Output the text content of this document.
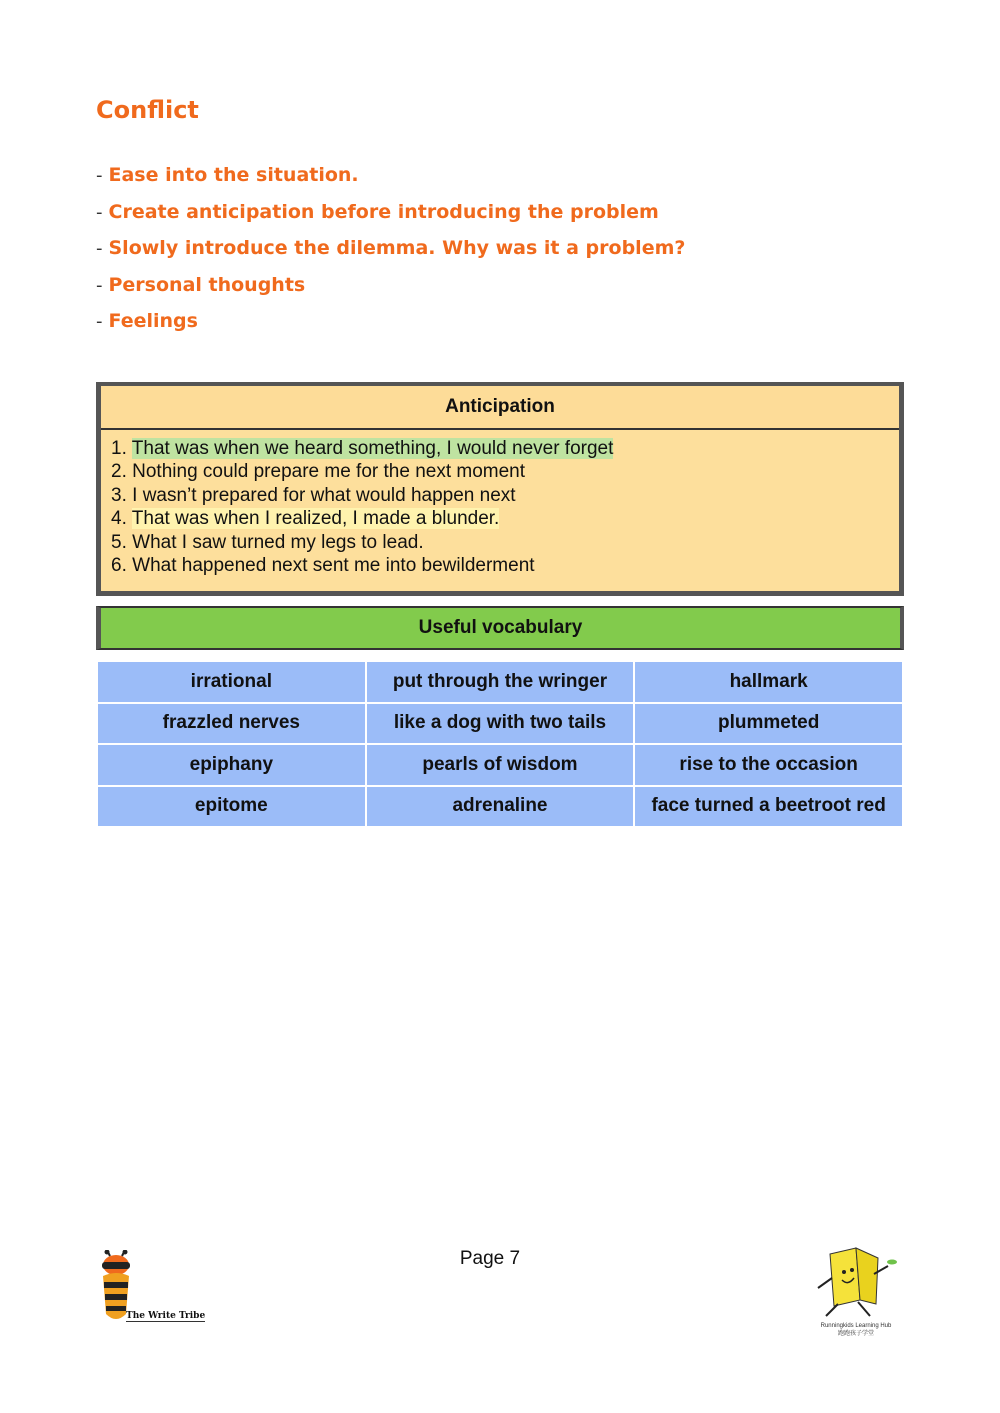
Conflict
- Ease into the situation.
- Create anticipation before introducing the problem
- Slowly introduce the dilemma. Why was it a problem?
- Personal thoughts
- Feelings
Anticipation
1. That was when we heard something, I would never forget
2. Nothing could prepare me for the next moment
3. I wasn’t prepared for what would happen next
4. That was when I realized, I made a blunder.
5. What I saw turned my legs to lead.
6. What happened next sent me into bewilderment
Useful vocabulary
irrational	put through the wringer	hallmark
frazzled nerves	like a dog with two tails	plummeted
epiphany	pearls of wisdom	rise to the occasion
epitome	adrenaline	face turned a beetroot red
Page 7
The Write Tribe
Runningkids Learning Hub
跑跑孩子学堂
